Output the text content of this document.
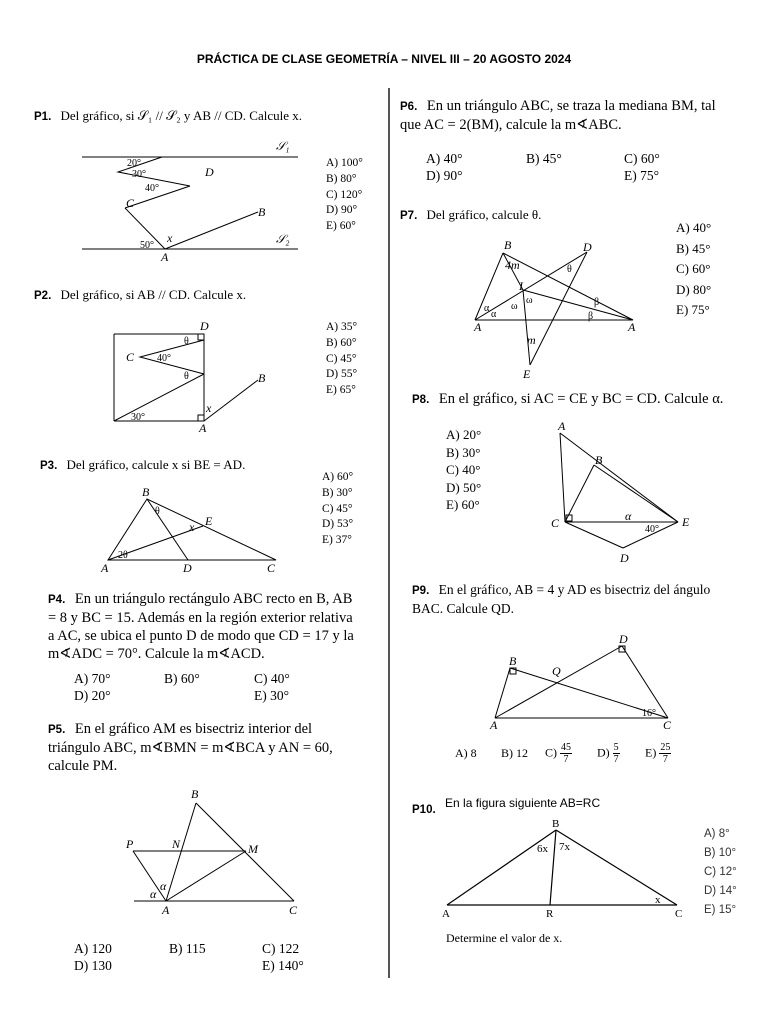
PRÁCTICA DE CLASE GEOMETRÍA – NIVEL III – 20 AGOSTO 2024
P1. Del gráfico, si 𝒮₁ // 𝒮₂ y AB // CD. Calcule x.
𝒮₁
𝒮₂
20°
30°
40°
50°
x
A
B
C
D
A) 100°
B) 80°
C) 120°
D) 90°
E) 60°
P2. Del gráfico, si AB // CD. Calcule x.
D
C
B
A
θ
40°
θ
30°
x
A) 35°
B) 60°
C) 45°
D) 55°
E) 65°
P3. Del gráfico, calcule x si BE = AD.
B
A	C
D
E
θ
x
2θ
A) 60°
B) 30°
C) 45°
D) 53°
E) 37°
P4. En un triángulo rectángulo ABC recto en B, AB = 8 y BC = 15. Además en la región exterior relativa a AC, se ubica el punto D de modo que CD = 17 y la m∢ADC = 70°. Calcule la m∢ACD.
A) 70°	B) 60°	C) 40°
D) 20°	E) 30°
P5. En el gráfico AM es bisectriz interior del triángulo ABC, m∢BMN = m∢BCA y AN = 60, calcule PM.
B
P	N	M
A	C
α
α
A) 120	B) 115	C) 122
D) 130	E) 140°
P6. En un triángulo ABC, se traza la mediana BM, tal que AC = 2(BM), calcule la m∢ABC.
A) 40°	B) 45°	C) 60°
D) 90°	E) 75°
P7. Del gráfico, calcule θ.
B	D
I
A	A
E
4m
m
θ
ω
ω
α
α
β
β
A) 40°
B) 45°
C) 60°
D) 80°
E) 75°
P8. En el gráfico, si AC = CE y BC = CD. Calcule α.
A
B
C
D
E
α
40°
A) 20°
B) 30°
C) 40°
D) 50°
E) 60°
P9. En el gráfico, AB = 4 y AD es bisectriz del ángulo BAC. Calcule QD.
D
B
Q
A	C
16°
A) 8 B) 12 $C) \frac{45}{7} D) \frac{5}{7} E) \frac{25}{7}$
P10. En la figura siguiente AB=RC
B
A	R	C
6x 7x
x
Determine el valor de x.
A) 8°
B) 10°
C) 12°
D) 14°
E) 15°
